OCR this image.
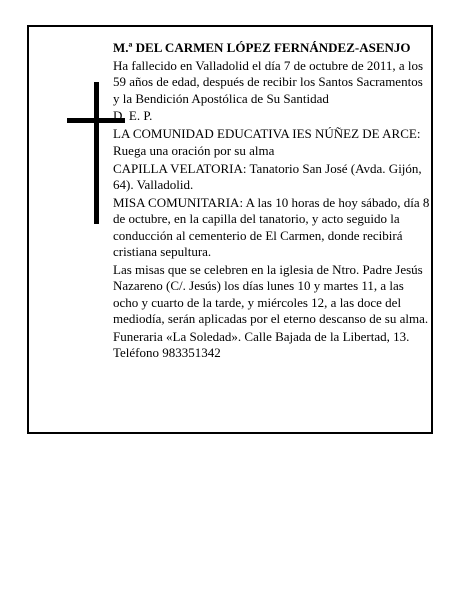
M.ª DEL CARMEN LÓPEZ FERNÁNDEZ-ASENJO

Ha fallecido en Valladolid el día 7 de octubre de 2011, a los 59 años de edad, después de recibir los Santos Sacramentos y la Bendición Apostólica de Su Santidad

D. E. P.

LA COMUNIDAD EDUCATIVA IES NÚÑEZ DE ARCE:

Ruega una oración por su alma

CAPILLA VELATORIA: Tanatorio San José (Avda. Gijón, 64). Valladolid.

MISA COMUNITARIA: A las 10 horas de hoy sábado, día 8 de octubre, en la capilla del tanatorio, y acto seguido la conducción al cementerio de El Carmen, donde recibirá cristiana sepultura.

Las misas que se celebren en la iglesia de Ntro. Padre Jesús Nazareno (C/. Jesús) los días lunes 10 y martes 11, a las ocho y cuarto de la tarde, y miércoles 12, a las doce del mediodía, serán aplicadas por el eterno descanso de su alma.

Funeraria «La Soledad». Calle Bajada de la Libertad, 13. Teléfono 983351342
